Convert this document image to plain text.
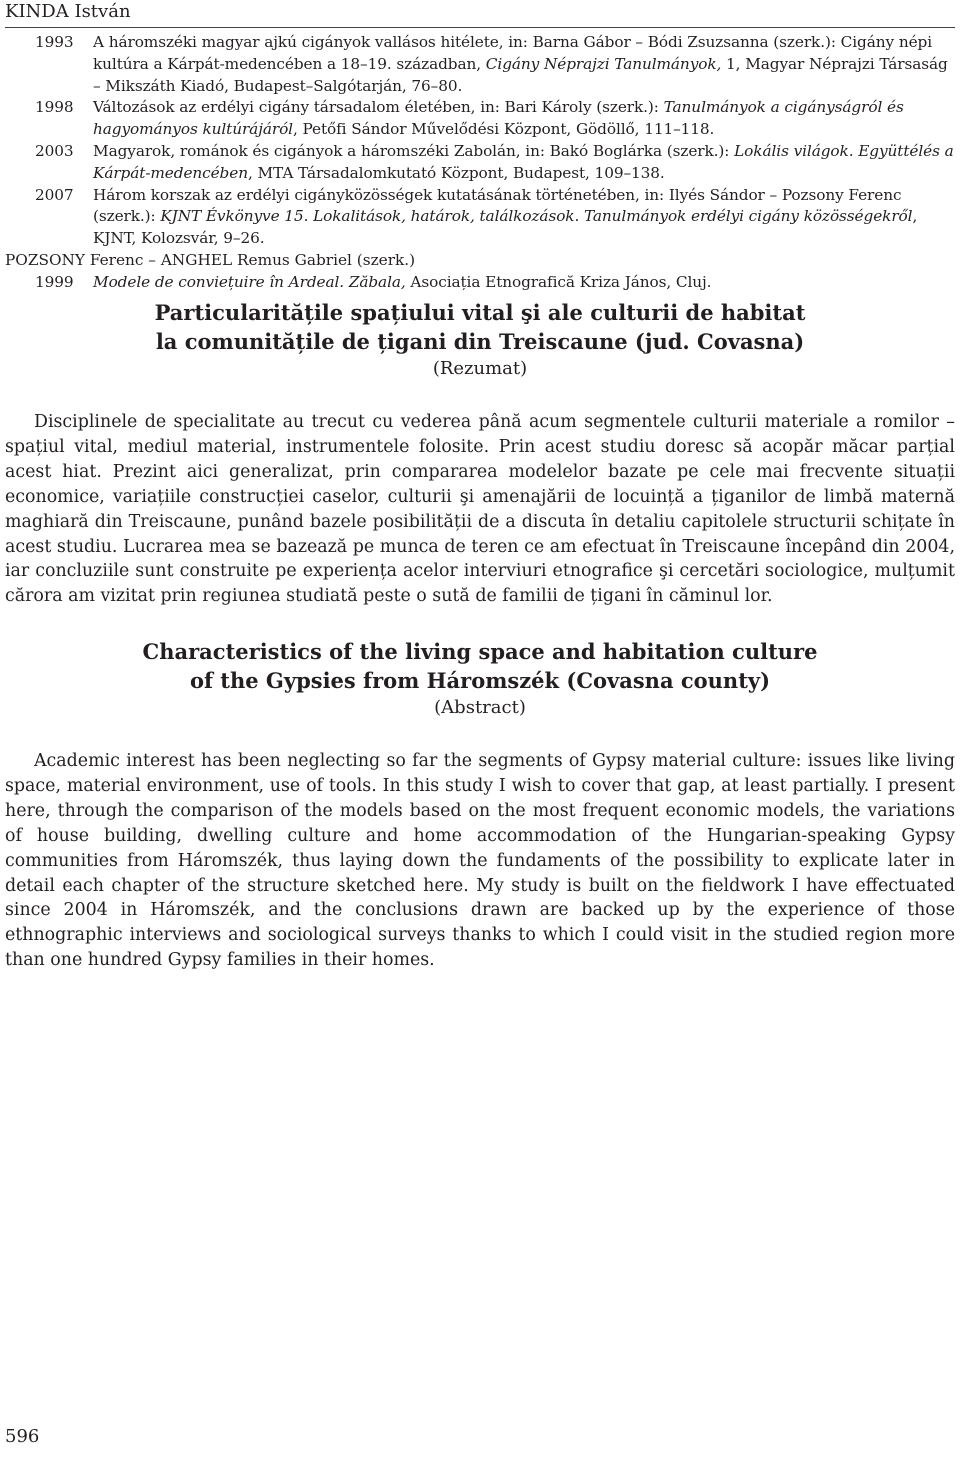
KINDA István
1993 A háromszéki magyar ajkú cigányok vallásos hitélete, in: Barna Gábor – Bódi Zsuzsanna (szerk.): Cigány népi kultúra a Kárpát-medencében a 18–19. században, Cigány Néprajzi Tanulmányok, 1, Magyar Néprajzi Társaság – Mikszáth Kiadó, Budapest–Salgótarján, 76–80.
1998 Változások az erdélyi cigány társadalom életében, in: Bari Károly (szerk.): Tanulmányok a cigányságról és hagyományos kultúrájáról, Petőfi Sándor Művelődési Központ, Gödöllő, 111–118.
2003 Magyarok, románok és cigányok a háromszéki Zabolán, in: Bakó Boglárka (szerk.): Lokális világok. Együttélés a Kárpát-medencében, MTA Társadalomkutató Központ, Budapest, 109–138.
2007 Három korszak az erdélyi cigányközösségek kutatásának történetében, in: Ilyés Sándor – Pozsony Ferenc (szerk.): KJNT Évkönyve 15. Lokalitások, határok, találkozások. Tanulmányok erdélyi cigány közösségekről, KJNT, Kolozsvár, 9–26.
POZSONY Ferenc – ANGHEL Remus Gabriel (szerk.)
1999 Modele de conviețuire în Ardeal. Zăbala, Asociația Etnografică Kriza János, Cluj.
Particularitățile spațiului vital şi ale culturii de habitat
la comunitățile de țigani din Treiscaune (jud. Covasna)
(Rezumat)

Disciplinele de specialitate au trecut cu vederea până acum segmentele culturii materiale a romilor – spațiul vital, mediul material, instrumentele folosite. Prin acest studiu doresc să acopăr măcar parțial acest hiat. Prezint aici generalizat, prin compararea modelelor bazate pe cele mai frecvente situații economice, variațiile construcției caselor, culturii şi amenajării de locuință a țiganilor de limbă maternă maghiară din Treiscaune, punând bazele posibilității de a discuta în detaliu capitolele structurii schițate în acest studiu. Lucrarea mea se bazează pe munca de teren ce am efectuat în Treiscaune începând din 2004, iar concluziile sunt construite pe experiența acelor interviuri etnografice şi cercetări sociologice, mulțumit cărora am vizitat prin regiunea studiată peste o sută de familii de țigani în căminul lor.

Characteristics of the living space and habitation culture
of the Gypsies from Háromszék (Covasna county)
(Abstract)

Academic interest has been neglecting so far the segments of Gypsy material culture: issues like living space, material environment, use of tools. In this study I wish to cover that gap, at least partially. I present here, through the comparison of the models based on the most frequent economic models, the variations of house building, dwelling culture and home accommodation of the Hungarian-speaking Gypsy communities from Háromszék, thus laying down the fundaments of the possibility to explicate later in detail each chapter of the structure sketched here. My study is built on the fieldwork I have effectuated since 2004 in Háromszék, and the conclusions drawn are backed up by the experience of those ethnographic interviews and sociological surveys thanks to which I could visit in the studied region more than one hundred Gypsy families in their homes.

596
